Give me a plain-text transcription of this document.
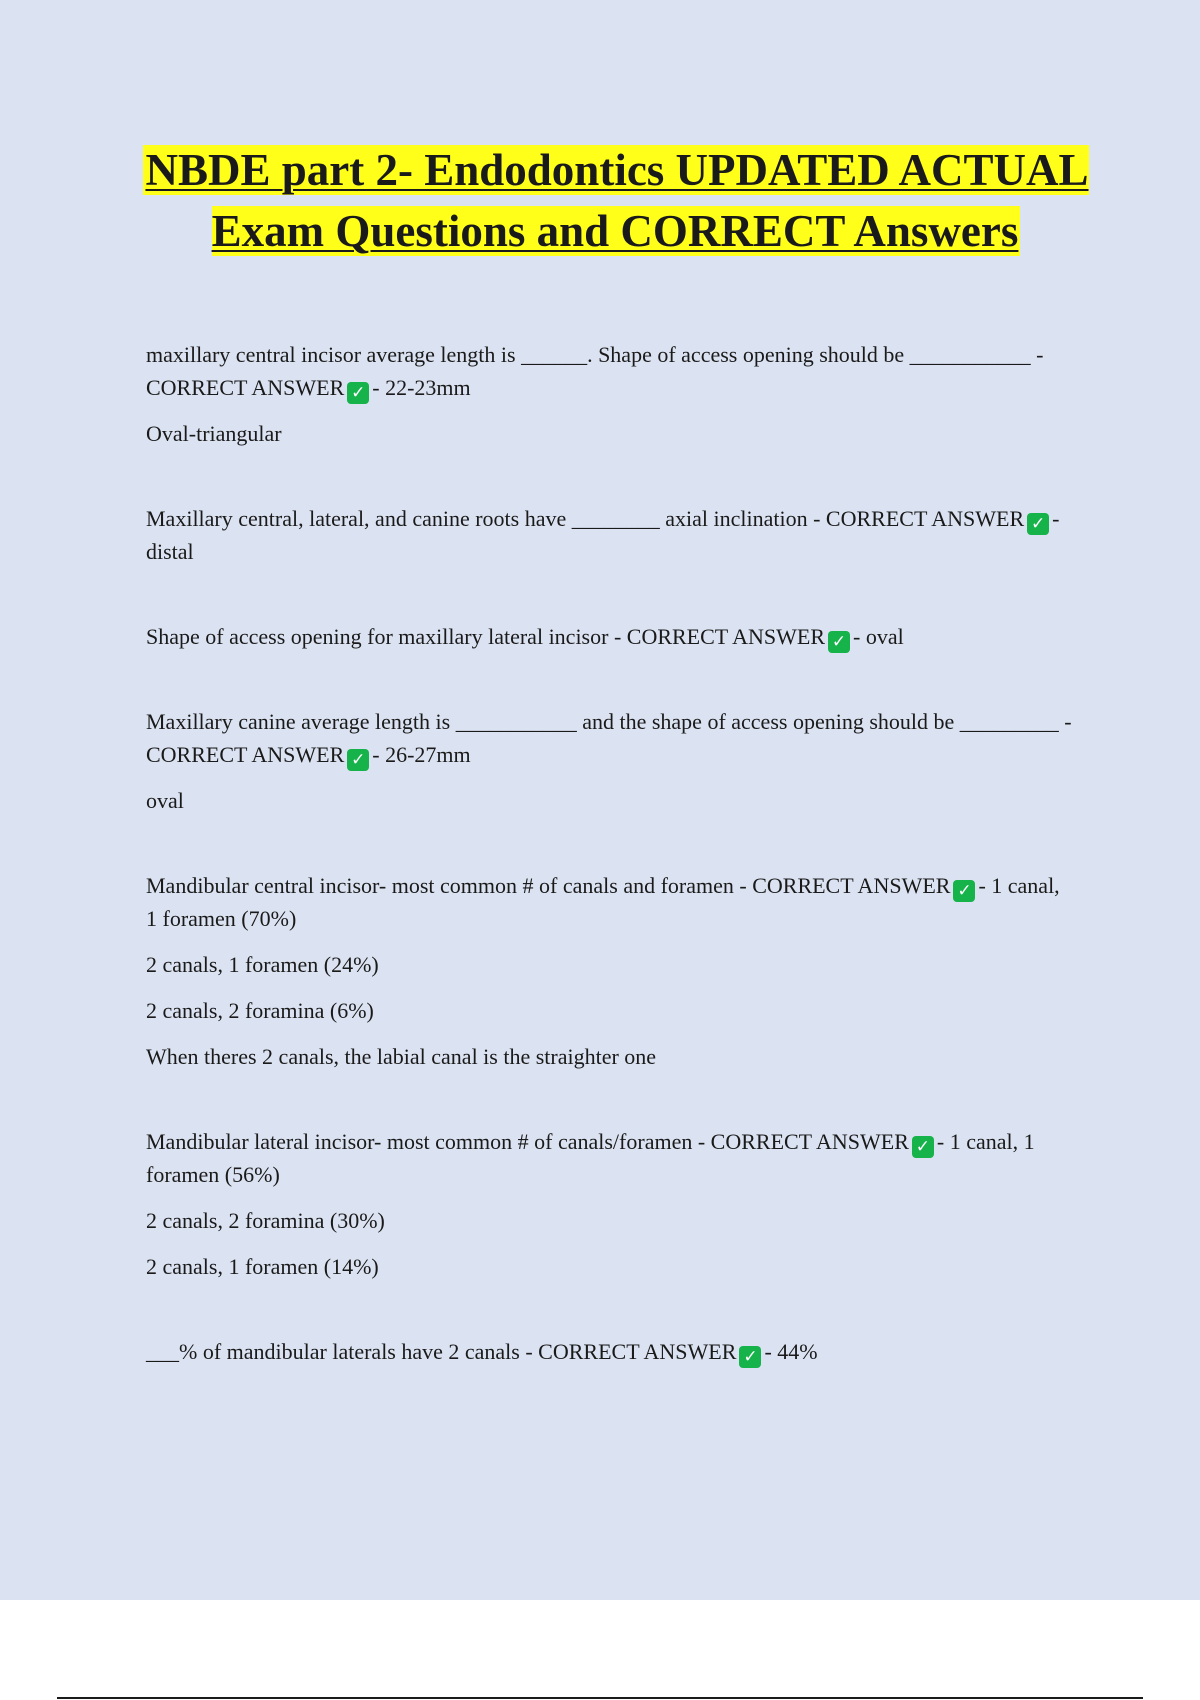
NBDE part 2- Endodontics UPDATED ACTUAL Exam Questions and CORRECT Answers

maxillary central incisor average length is ______. Shape of access opening should be ___________ - CORRECT ANSWER ✓ - 22-23mm

Oval-triangular

Maxillary central, lateral, and canine roots have ________ axial inclination - CORRECT ANSWER ✓ - distal

Shape of access opening for maxillary lateral incisor - CORRECT ANSWER ✓ - oval

Maxillary canine average length is ___________ and the shape of access opening should be _________ - CORRECT ANSWER ✓ - 26-27mm

oval

Mandibular central incisor- most common # of canals and foramen - CORRECT ANSWER ✓ - 1 canal, 1 foramen (70%)

2 canals, 1 foramen (24%)

2 canals, 2 foramina (6%)

When theres 2 canals, the labial canal is the straighter one

Mandibular lateral incisor- most common # of canals/foramen - CORRECT ANSWER ✓ - 1 canal, 1 foramen (56%)

2 canals, 2 foramina (30%)

2 canals, 1 foramen (14%)

___% of mandibular laterals have 2 canals - CORRECT ANSWER ✓ - 44%
